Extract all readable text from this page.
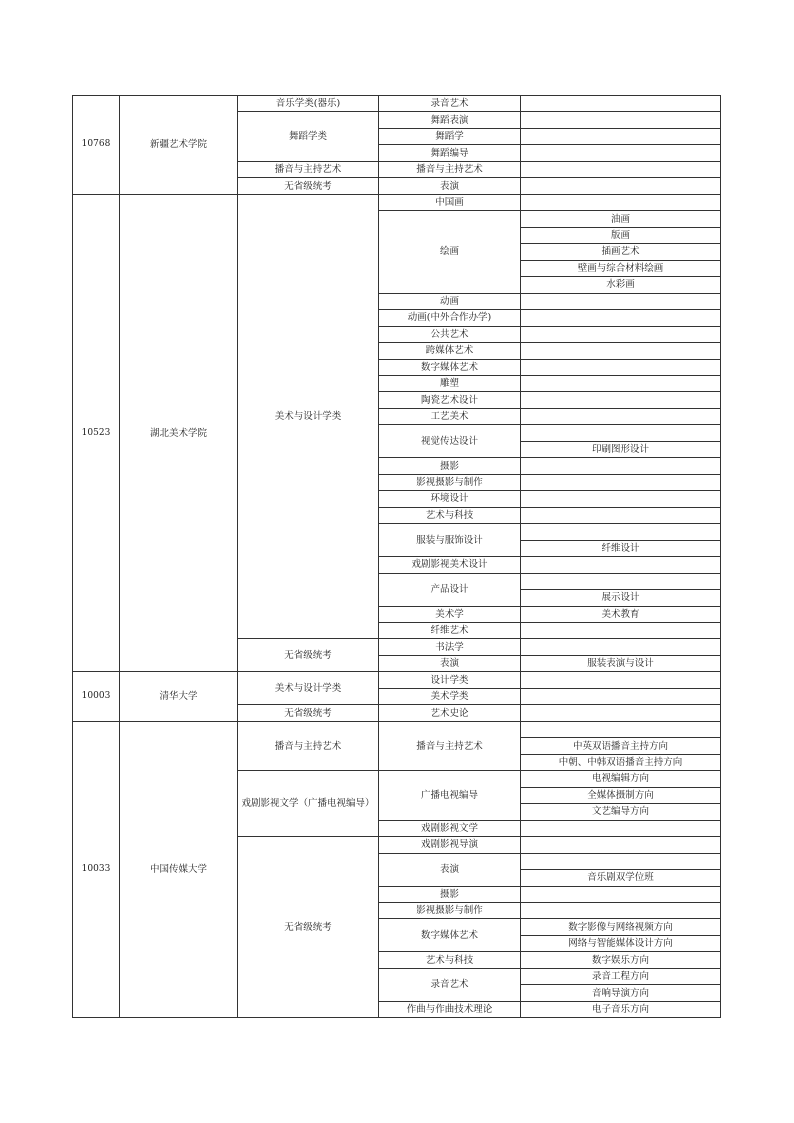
10768	新疆艺术学院	音乐学类(器乐)	录音艺术	
		舞蹈学类	舞蹈表演	
			舞蹈学	
			舞蹈编导	
		播音与主持艺术	播音与主持艺术	
		无省级统考	表演	
10523	湖北美术学院	美术与设计学类	中国画	
			绘画	油画
				版画
				插画艺术
				壁画与综合材料绘画
				水彩画
			动画	
			动画(中外合作办学)	
			公共艺术	
			跨媒体艺术	
			数字媒体艺术	
			雕塑	
			陶瓷艺术设计	
			工艺美术	
			视觉传达设计	
				印刷图形设计
			摄影	
			影视摄影与制作	
			环境设计	
			艺术与科技	
			服装与服饰设计	
				纤维设计
			戏剧影视美术设计	
			产品设计	
				展示设计
			美术学	美术教育
			纤维艺术	
		无省级统考	书法学	
			表演	服装表演与设计
10003	清华大学	美术与设计学类	设计学类	
			美术学类	
		无省级统考	艺术史论	
10033	中国传媒大学	播音与主持艺术	播音与主持艺术	
				中英双语播音主持方向
				中朝、中韩双语播音主持方向
		戏剧影视文学（广播电视编导）	广播电视编导	电视编辑方向
				全媒体摄制方向
				文艺编导方向
			戏剧影视文学	
		无省级统考	戏剧影视导演	
			表演	
				音乐剧双学位班
			摄影	
			影视摄影与制作	
			数字媒体艺术	数字影像与网络视频方向
				网络与智能媒体设计方向
			艺术与科技	数字娱乐方向
			录音艺术	录音工程方向
				音响导演方向
			作曲与作曲技术理论	电子音乐方向
